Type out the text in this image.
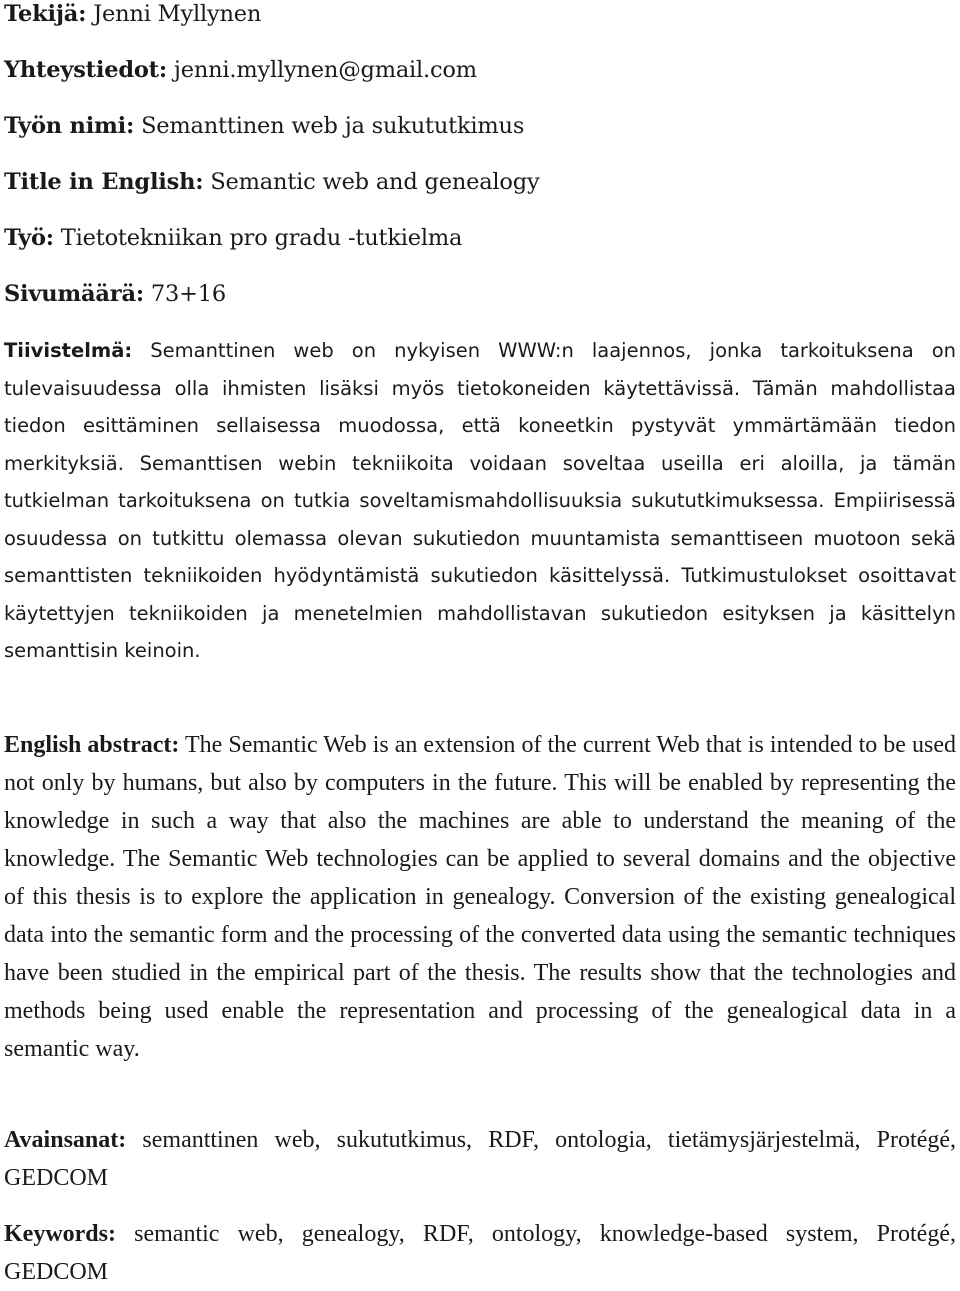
Tekijä: Jenni Myllynen

Yhteystiedot: jenni.myllynen@gmail.com

Työn nimi: Semanttinen web ja sukututkimus

Title in English: Semantic web and genealogy

Työ: Tietotekniikan pro gradu -tutkielma

Sivumäärä: 73+16

Tiivistelmä: Semanttinen web on nykyisen WWW:n laajennos, jonka tarkoituksena on tulevaisuudessa olla ihmisten lisäksi myös tietokoneiden käytettävissä. Tämän mahdollistaa tiedon esittäminen sellaisessa muodossa, että koneetkin pystyvät ymmärtämään tiedon merkityksiä. Semanttisen webin tekniikoita voidaan soveltaa useilla eri aloilla, ja tämän tutkielman tarkoituksena on tutkia soveltamismahdollisuuksia sukututkimuksessa. Empiirisessä osuudessa on tutkittu olemassa olevan sukutiedon muuntamista semanttiseen muotoon sekä semanttisten tekniikoiden hyödyntämistä sukutiedon käsittelyssä. Tutkimustulokset osoittavat käytettyjen tekniikoiden ja menetelmien mahdollistavan sukutiedon esityksen ja käsittelyn semanttisin keinoin.

English abstract: The Semantic Web is an extension of the current Web that is intended to be used not only by humans, but also by computers in the future. This will be enabled by representing the knowledge in such a way that also the machines are able to understand the meaning of the knowledge. The Semantic Web technologies can be applied to several domains and the objective of this thesis is to explore the application in genealogy. Conversion of the existing genealogical data into the semantic form and the processing of the converted data using the semantic techniques have been studied in the empirical part of the thesis. The results show that the technologies and methods being used enable the representation and processing of the genealogical data in a semantic way.

Avainsanat: semanttinen web, sukututkimus, RDF, ontologia, tietämysjärjestelmä, Protégé, GEDCOM

Keywords: semantic web, genealogy, RDF, ontology, knowledge-based system, Protégé, GEDCOM
